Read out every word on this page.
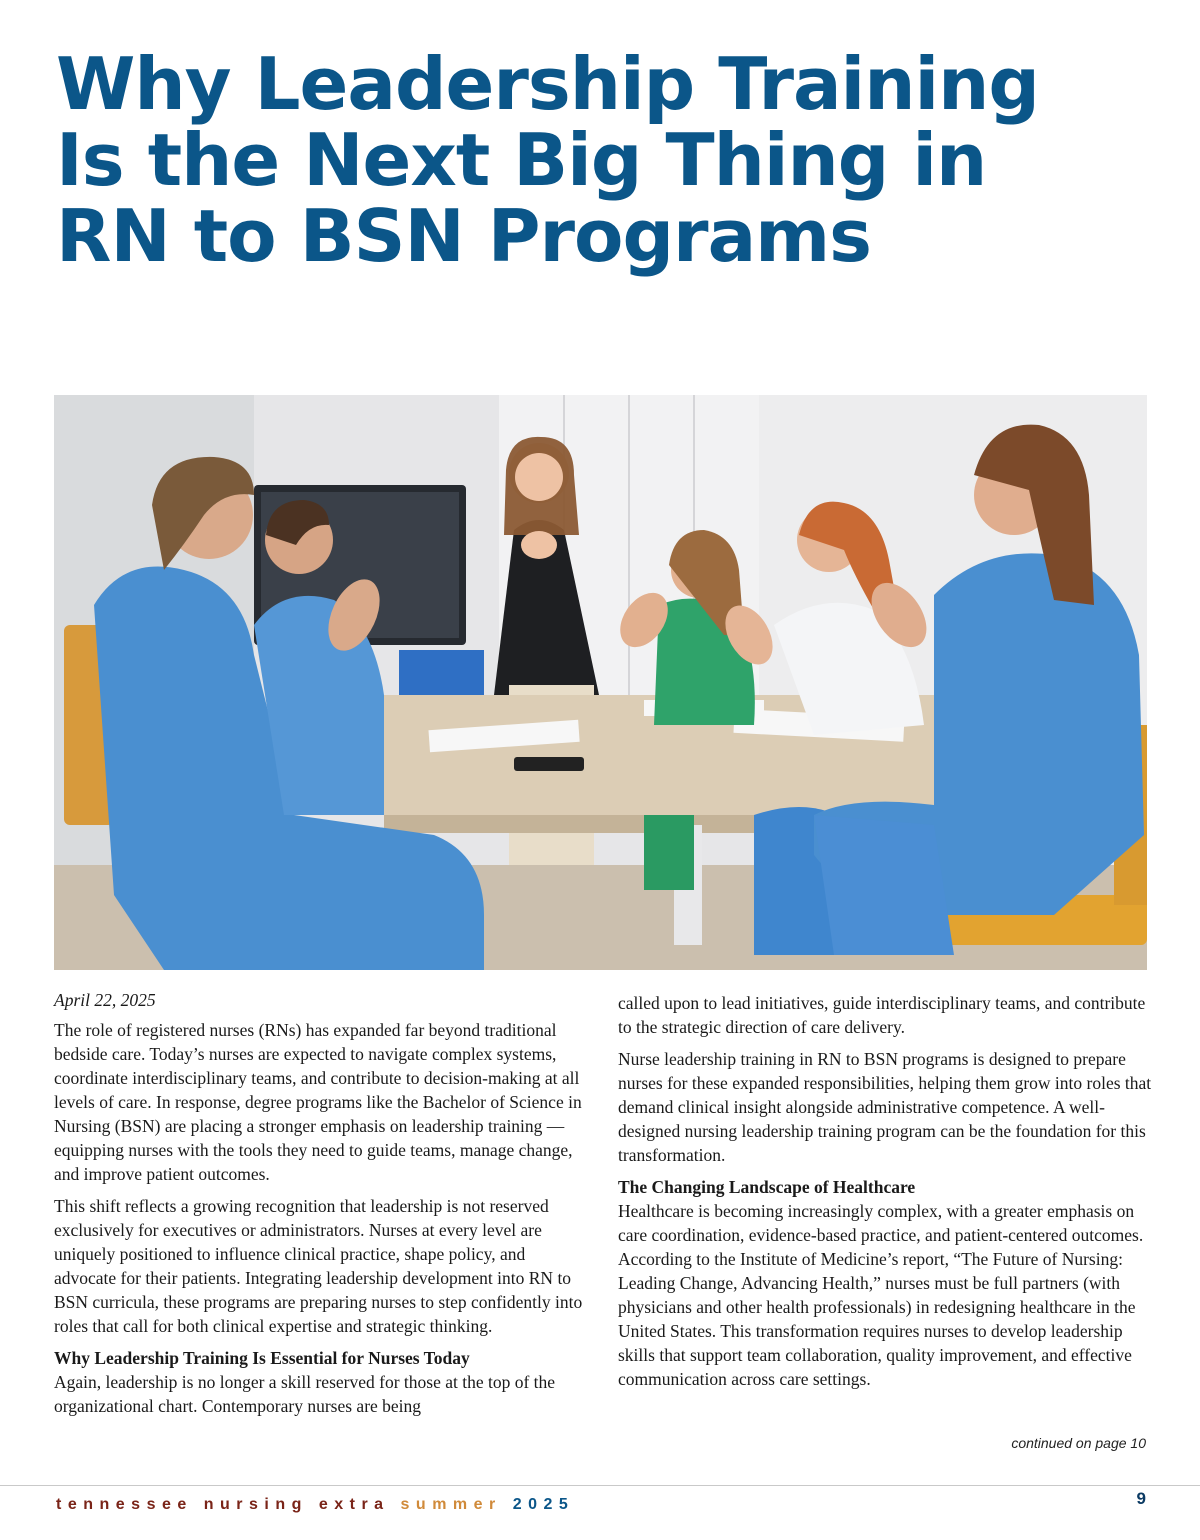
Why Leadership Training
Is the Next Big Thing in
RN to BSN Programs

April 22, 2025

The role of registered nurses (RNs) has expanded far beyond traditional bedside care. Today’s nurses are expected to navigate complex systems, coordinate interdisciplinary teams, and contribute to decision-making at all levels of care. In response, degree programs like the Bachelor of Science in Nursing (BSN) are placing a stronger emphasis on leadership training — equipping nurses with the tools they need to guide teams, manage change, and improve patient outcomes.

This shift reflects a growing recognition that leadership is not reserved exclusively for executives or administrators. Nurses at every level are uniquely positioned to influence clinical practice, shape policy, and advocate for their patients. Integrating leadership development into RN to BSN curricula, these programs are preparing nurses to step confidently into roles that call for both clinical expertise and strategic thinking.

Why Leadership Training Is Essential for Nurses Today
Again, leadership is no longer a skill reserved for those at the top of the organizational chart. Contemporary nurses are being

called upon to lead initiatives, guide interdisciplinary teams, and contribute to the strategic direction of care delivery.

Nurse leadership training in RN to BSN programs is designed to prepare nurses for these expanded responsibilities, helping them grow into roles that demand clinical insight alongside administrative competence. A well-designed nursing leadership training program can be the foundation for this transformation.

The Changing Landscape of Healthcare
Healthcare is becoming increasingly complex, with a greater emphasis on care coordination, evidence-based practice, and patient-centered outcomes. According to the Institute of Medicine’s report, “The Future of Nursing: Leading Change, Advancing Health,” nurses must be full partners (with physicians and other health professionals) in redesigning healthcare in the United States. This transformation requires nurses to develop leadership skills that support team collaboration, quality improvement, and effective communication across care settings.

continued on page 10
tennessee nursing extra summer 2025	9
